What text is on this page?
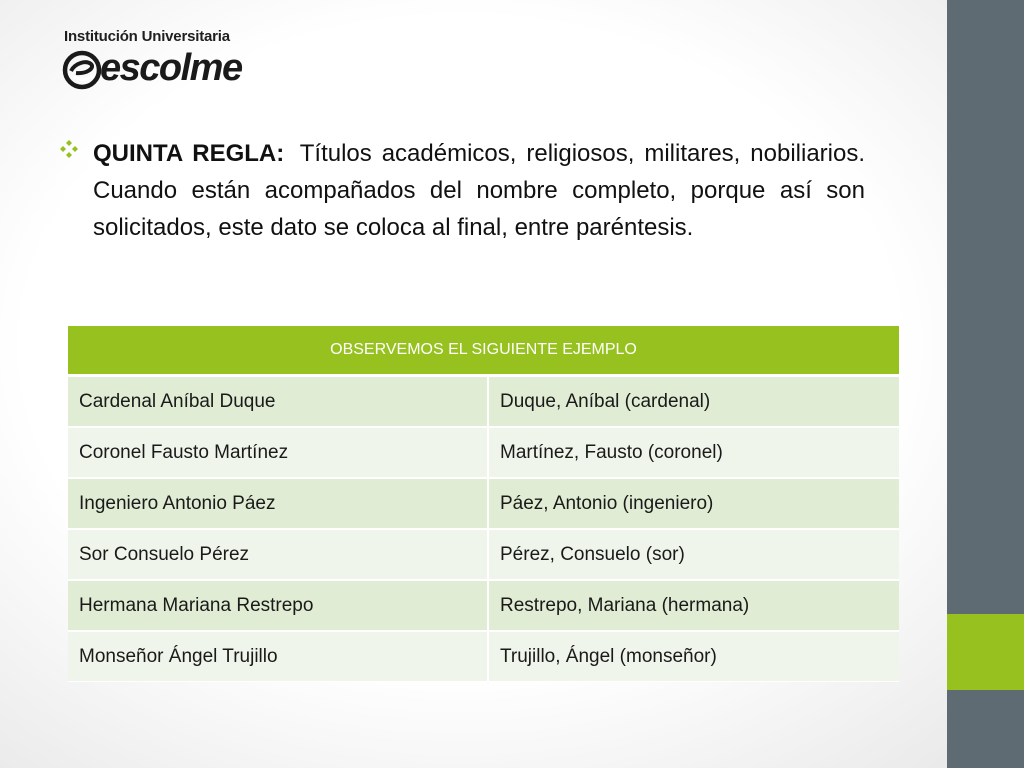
Institución Universitaria
escolme
QUINTA REGLA: Títulos académicos, religiosos, militares, nobiliarios. Cuando están acompañados del nombre completo, porque así son solicitados, este dato se coloca al final, entre paréntesis.
OBSERVEMOS EL SIGUIENTE EJEMPLO	
Cardenal Aníbal Duque	Duque, Aníbal (cardenal)
Coronel Fausto Martínez	Martínez, Fausto (coronel)
Ingeniero Antonio Páez	Páez, Antonio (ingeniero)
Sor Consuelo Pérez	Pérez, Consuelo (sor)
Hermana Mariana Restrepo	Restrepo, Mariana (hermana)
Monseñor Ángel Trujillo	Trujillo, Ángel (monseñor)
